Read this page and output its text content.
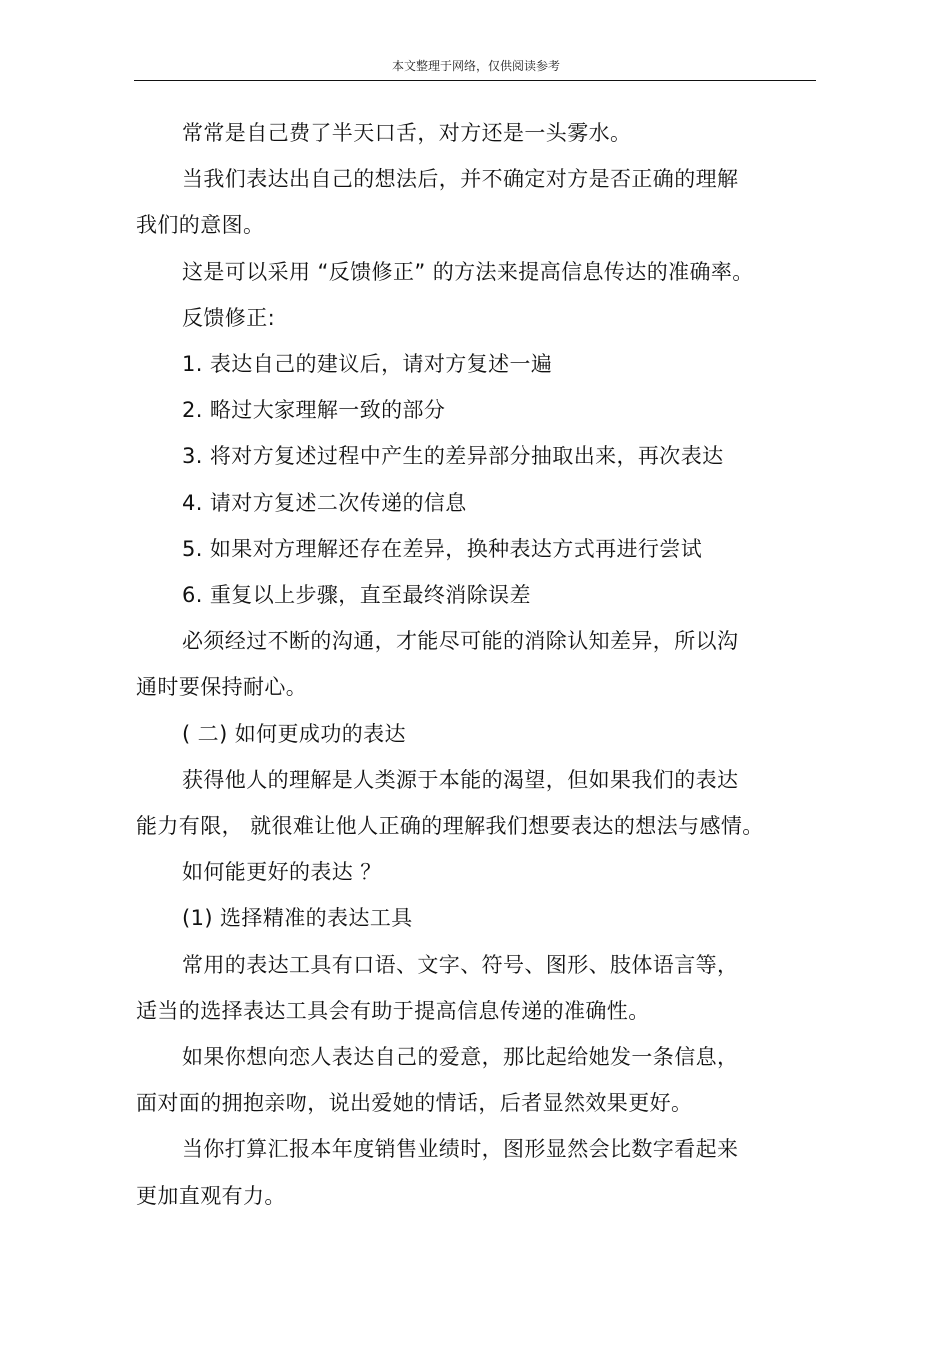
本文整理于网络，仅供阅读参考

常常是自己费了半天口舌，对方还是一头雾水。

当我们表达出自己的想法后，并不确定对方是否正确的理解

我们的意图。

这是可以采用 “反馈修正” 的方法来提高信息传达的准确率。

反馈修正:

1. 表达自己的建议后，请对方复述一遍

2. 略过大家理解一致的部分

3. 将对方复述过程中产生的差异部分抽取出来，再次表达

4. 请对方复述二次传递的信息

5. 如果对方理解还存在差异，换种表达方式再进行尝试

6. 重复以上步骤，直至最终消除误差

必须经过不断的沟通，才能尽可能的消除认知差异，所以沟

通时要保持耐心。

( 二) 如何更成功的表达

获得他人的理解是人类源于本能的渴望，但如果我们的表达

能力有限， 就很难让他人正确的理解我们想要表达的想法与感情。

如何能更好的表达 ？

(1) 选择精准的表达工具

常用的表达工具有口语、文字、符号、图形、肢体语言等，

适当的选择表达工具会有助于提高信息传递的准确性。

如果你想向恋人表达自己的爱意，那比起给她发一条信息，

面对面的拥抱亲吻，说出爱她的情话，后者显然效果更好。

当你打算汇报本年度销售业绩时，图形显然会比数字看起来

更加直观有力。
